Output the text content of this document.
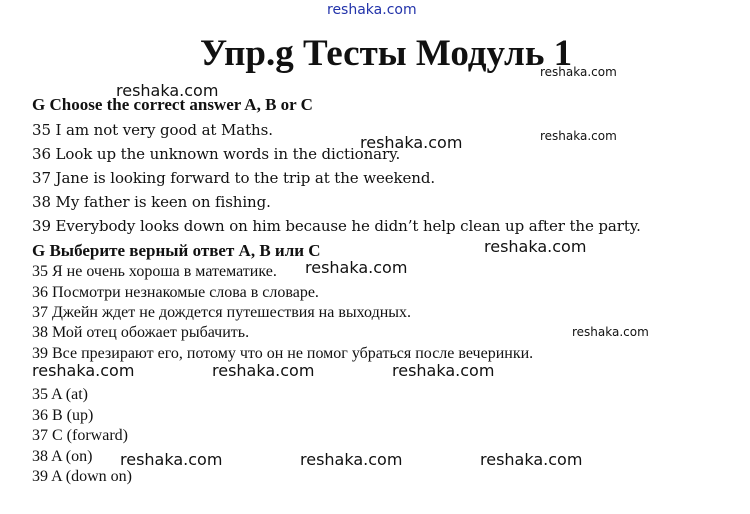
reshaka.com
Упр.g Тесты Модуль 1
G Choose the correct answer A, B or C
35 I am not very good at Maths.
36 Look up the unknown words in the dictionary.
37 Jane is looking forward to the trip at the weekend.
38 My father is keen on fishing.
39 Everybody looks down on him because he didn’t help clean up after the party.
G Выберите верный ответ А, В или С
35 Я не очень хороша в математике.
36 Посмотри незнакомые слова в словаре.
37 Джейн ждет не дождется путешествия на выходных.
38 Мой отец обожает рыбачить.
39 Все презирают его, потому что он не помог убраться после вечеринки.
35 A (at)
36 B (up)
37 C (forward)
38 A (on)
39 A (down on)
reshaka.com
reshaka.com
reshaka.com
reshaka.com
reshaka.com
reshaka.com
reshaka.com
reshaka.com	reshaka.com	reshaka.com
reshaka.com	reshaka.com	reshaka.com
